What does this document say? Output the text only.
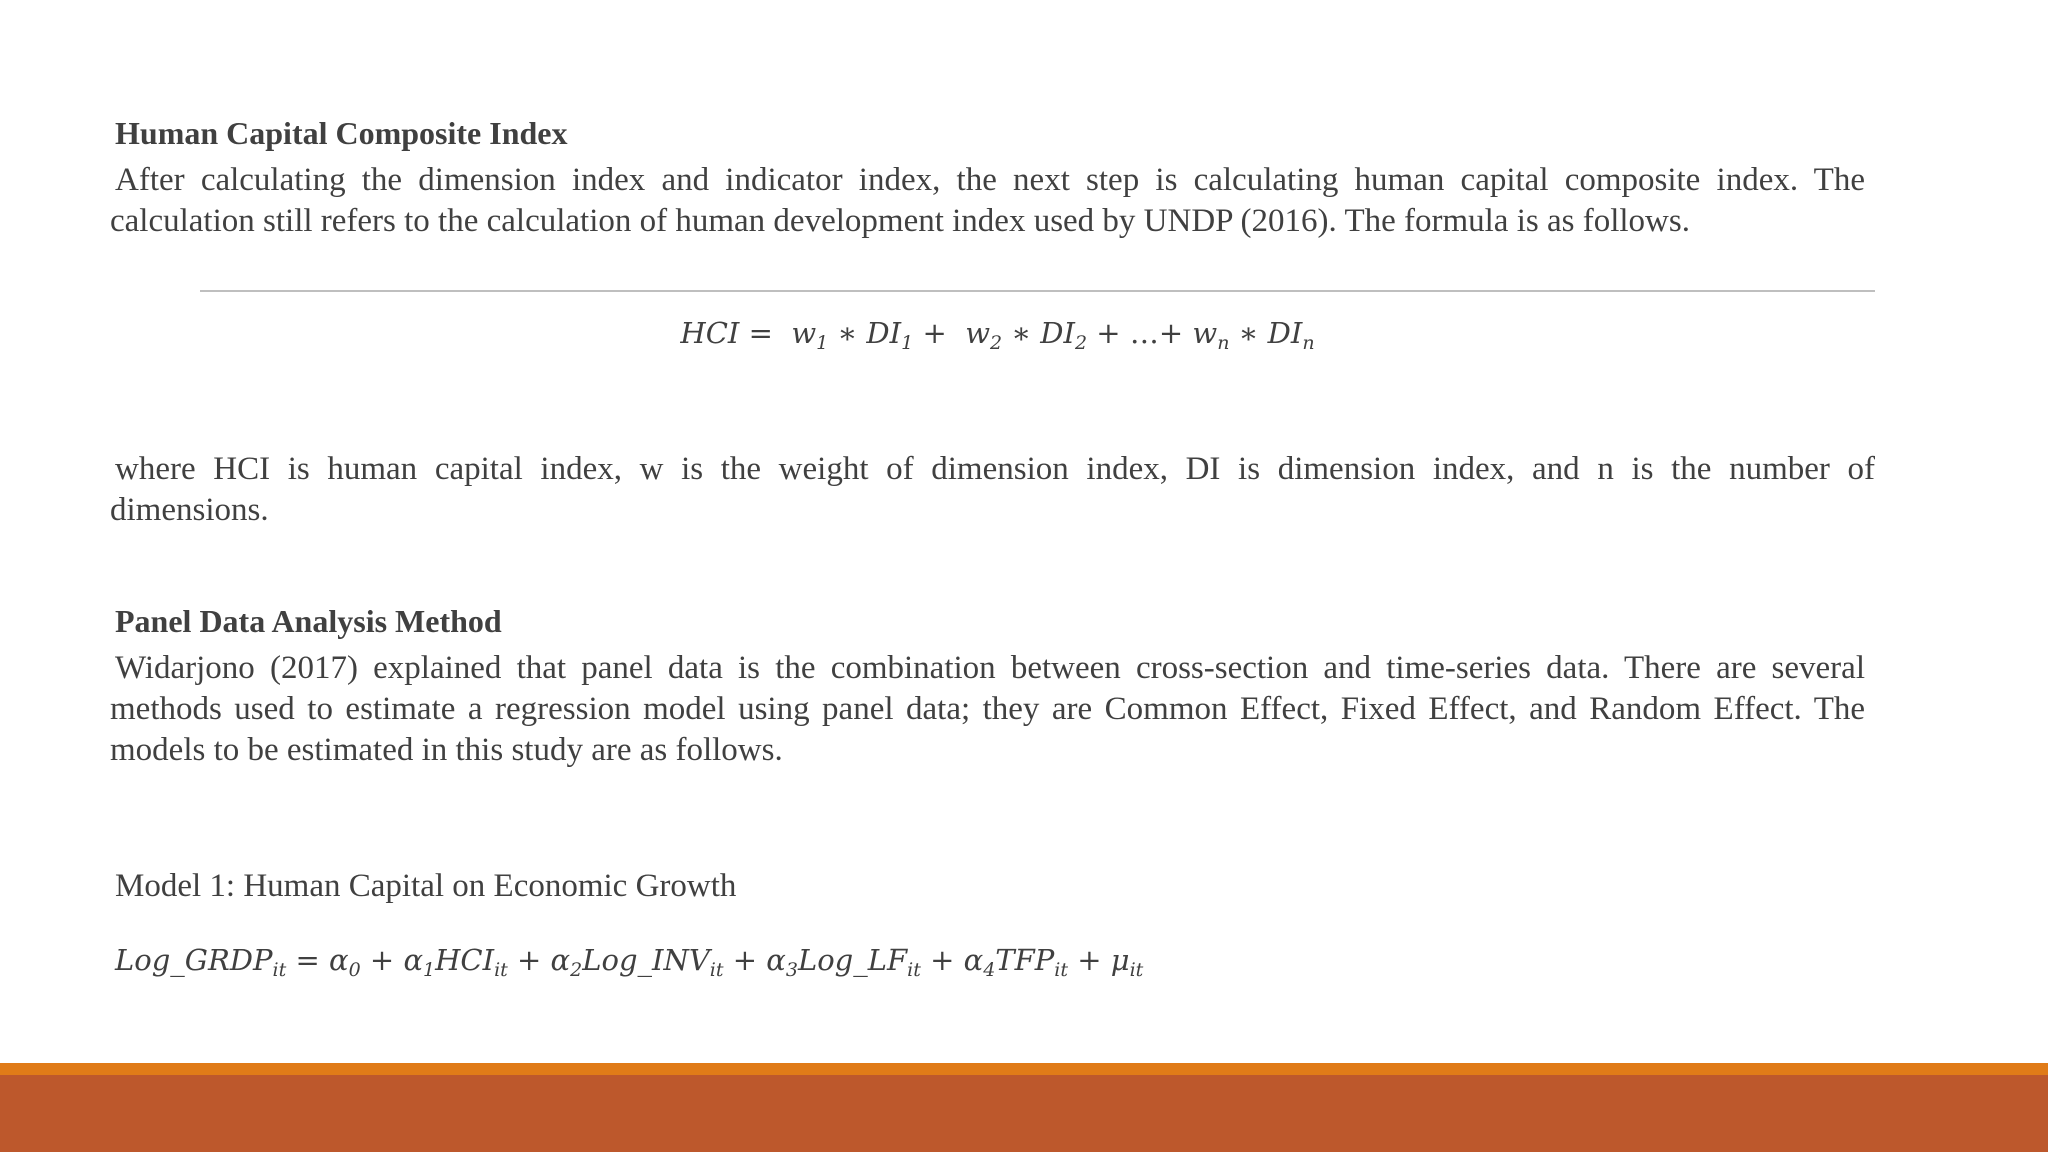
Human Capital Composite Index
After calculating the dimension index and indicator index, the next step is calculating human capital composite index. The
calculation still refers to the calculation of human development index used by UNDP (2016). The formula is as follows.
HCI = $w_1$ ∗ $DI_1 + w_2$ ∗ $DI_2$ + …+ $w_n$ ∗ $DI_n$
where HCI is human capital index, w is the weight of dimension index, DI is dimension index, and n is the number of
dimensions.
Panel Data Analysis Method
Widarjono (2017) explained that panel data is the combination between cross-section and time-series data. There are several
methods used to estimate a regression model using panel data; they are Common Effect, Fixed Effect, and Random Effect. The
models to be estimated in this study are as follows.
Model 1: Human Capital on Economic Growth
$Log\_GRDP_{it} = \alpha_0 + \alpha_1HCI_{it}$ + $\alpha_2Log\_INV_{it}$ + $\alpha_3Log\_LF_{it} + \alpha_4TFP_{it} + \mu_{it}$
